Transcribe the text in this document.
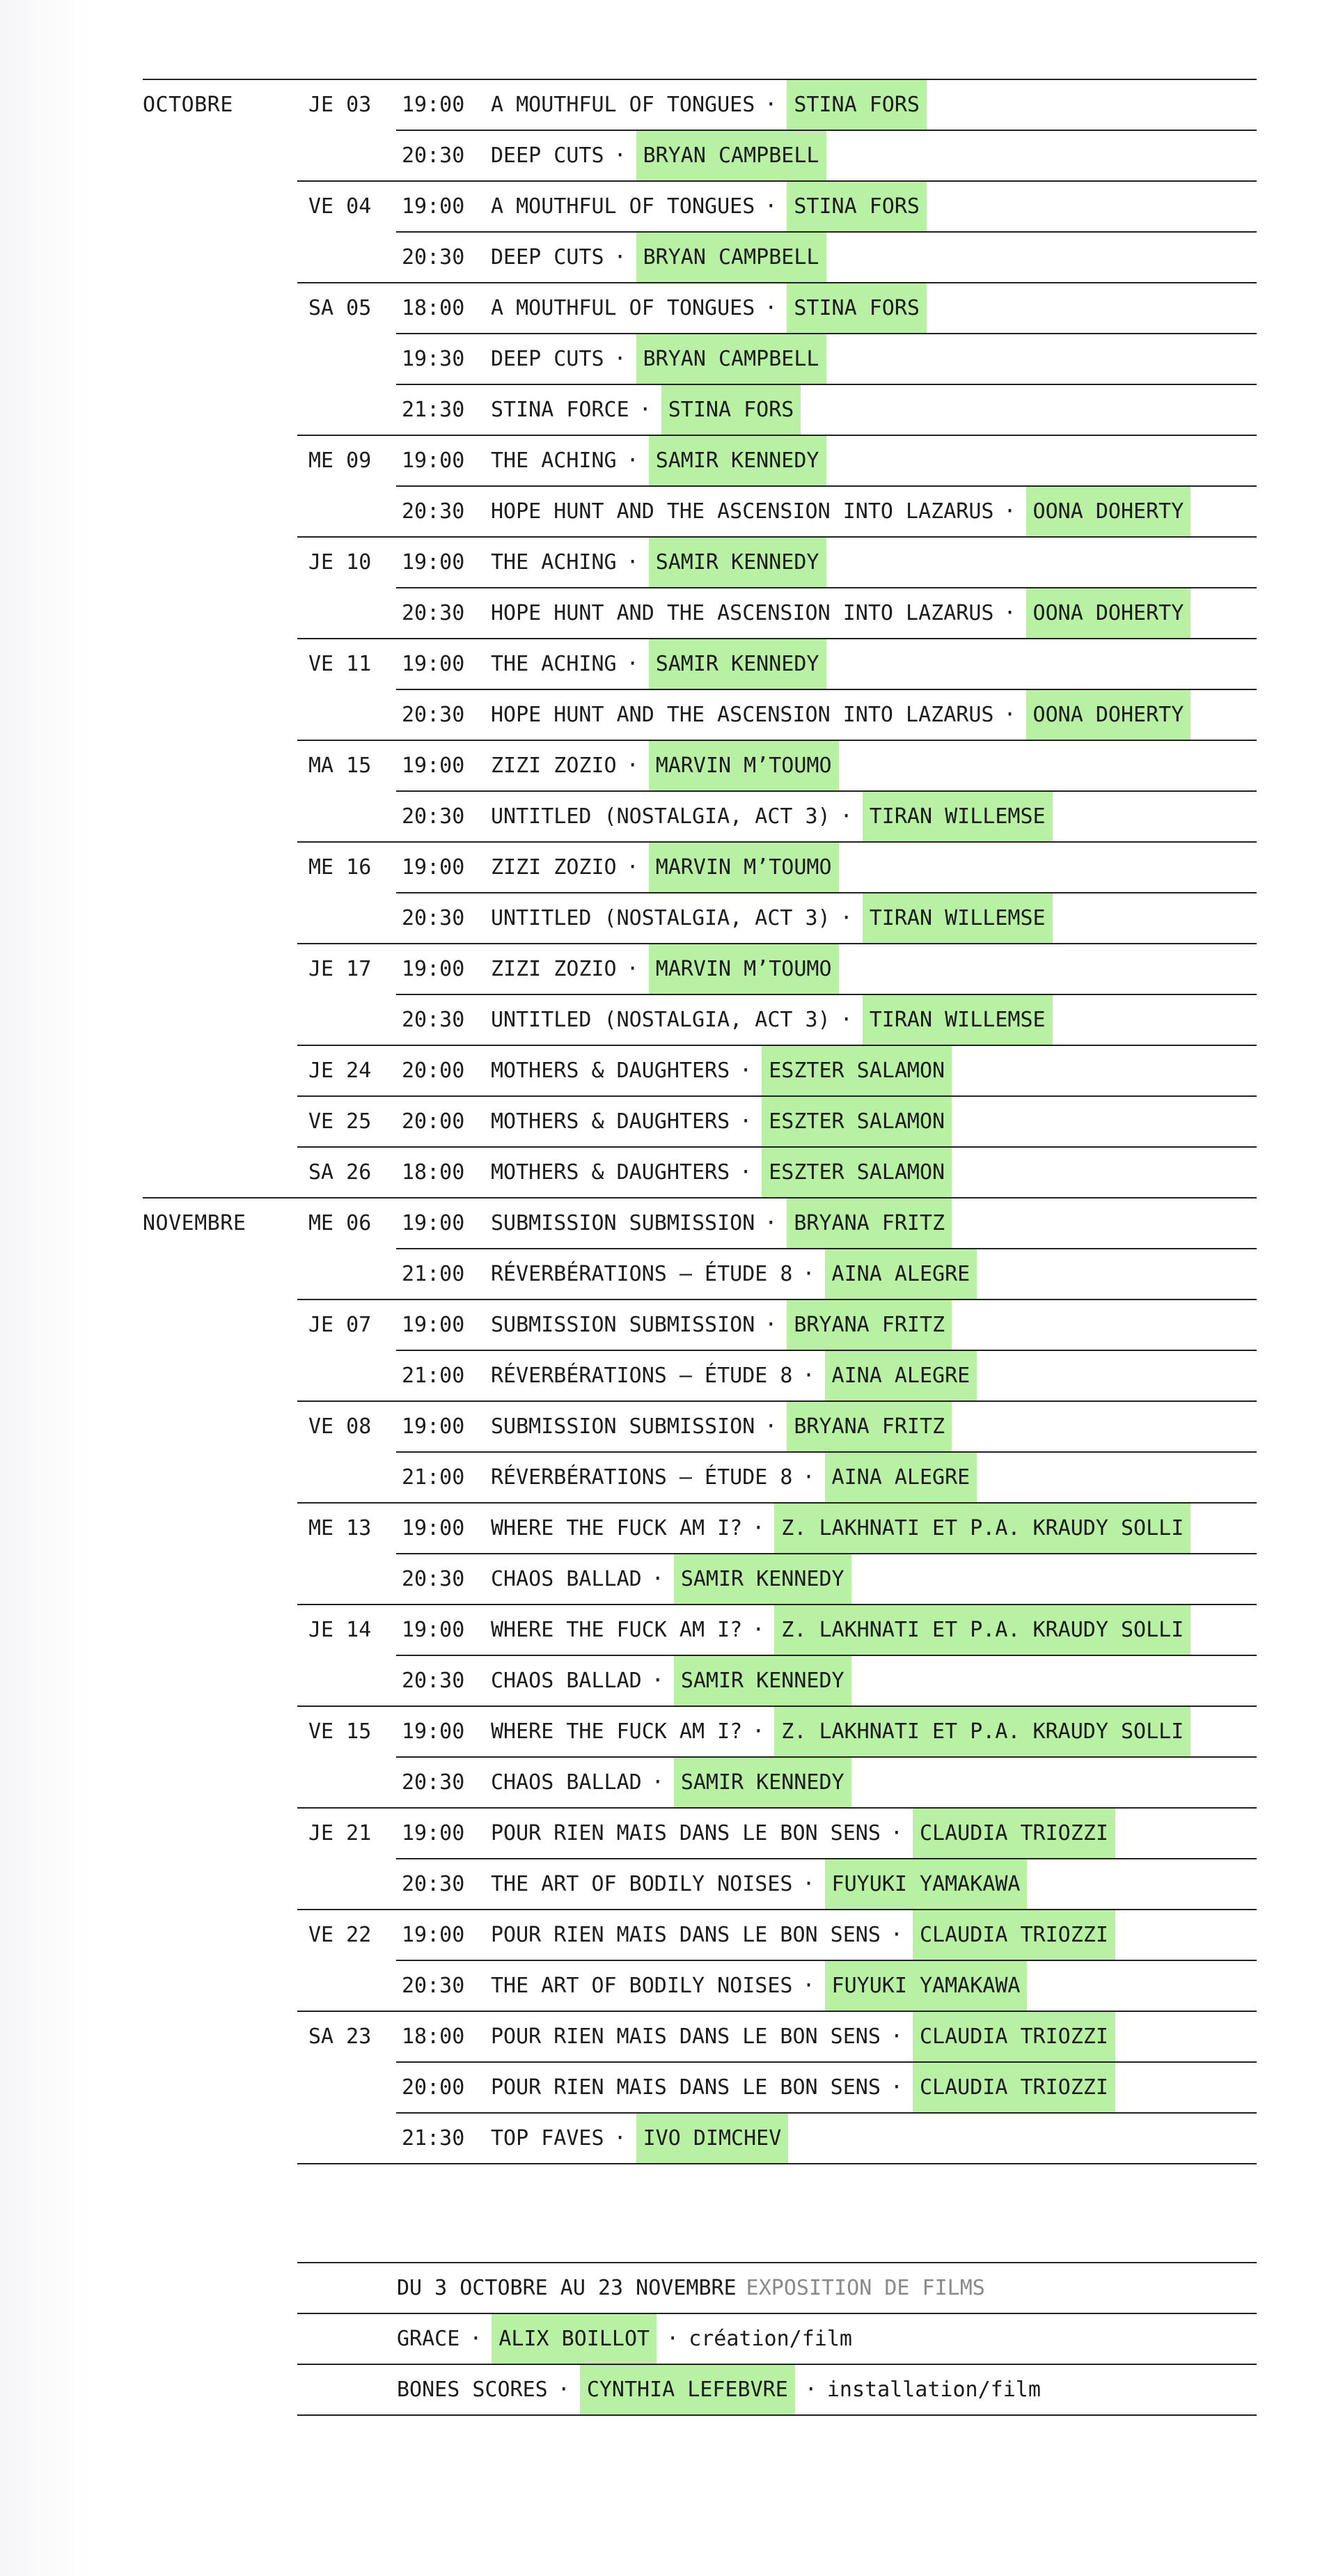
OCTOBRE	JE 03	19:00	A MOUTHFUL OF TONGUES · STINA FORS
20:30	DEEP CUTS · BRYAN CAMPBELL
VE 04	19:00	A MOUTHFUL OF TONGUES · STINA FORS
20:30	DEEP CUTS · BRYAN CAMPBELL
SA 05	18:00	A MOUTHFUL OF TONGUES · STINA FORS
19:30	DEEP CUTS · BRYAN CAMPBELL
21:30	STINA FORCE · STINA FORS
ME 09	19:00	THE ACHING · SAMIR KENNEDY
20:30	HOPE HUNT AND THE ASCENSION INTO LAZARUS · OONA DOHERTY
JE 10	19:00	THE ACHING · SAMIR KENNEDY
20:30	HOPE HUNT AND THE ASCENSION INTO LAZARUS · OONA DOHERTY
VE 11	19:00	THE ACHING · SAMIR KENNEDY
20:30	HOPE HUNT AND THE ASCENSION INTO LAZARUS · OONA DOHERTY
MA 15	19:00	ZIZI ZOZIO · MARVIN M’TOUMO
20:30	UNTITLED (NOSTALGIA, ACT 3) · TIRAN WILLEMSE
ME 16	19:00	ZIZI ZOZIO · MARVIN M’TOUMO
20:30	UNTITLED (NOSTALGIA, ACT 3) · TIRAN WILLEMSE
JE 17	19:00	ZIZI ZOZIO · MARVIN M’TOUMO
20:30	UNTITLED (NOSTALGIA, ACT 3) · TIRAN WILLEMSE
JE 24	20:00	MOTHERS & DAUGHTERS · ESZTER SALAMON
VE 25	20:00	MOTHERS & DAUGHTERS · ESZTER SALAMON
SA 26	18:00	MOTHERS & DAUGHTERS · ESZTER SALAMON
NOVEMBRE	ME 06	19:00	SUBMISSION SUBMISSION · BRYANA FRITZ
21:00	RÉVERBÉRATIONS — ÉTUDE 8 · AINA ALEGRE
JE 07	19:00	SUBMISSION SUBMISSION · BRYANA FRITZ
21:00	RÉVERBÉRATIONS — ÉTUDE 8 · AINA ALEGRE
VE 08	19:00	SUBMISSION SUBMISSION · BRYANA FRITZ
21:00	RÉVERBÉRATIONS — ÉTUDE 8 · AINA ALEGRE
ME 13	19:00	WHERE THE FUCK AM I? · Z. LAKHNATI ET P.A. KRAUDY SOLLI
20:30	CHAOS BALLAD · SAMIR KENNEDY
JE 14	19:00	WHERE THE FUCK AM I? · Z. LAKHNATI ET P.A. KRAUDY SOLLI
20:30	CHAOS BALLAD · SAMIR KENNEDY
VE 15	19:00	WHERE THE FUCK AM I? · Z. LAKHNATI ET P.A. KRAUDY SOLLI
20:30	CHAOS BALLAD · SAMIR KENNEDY
JE 21	19:00	POUR RIEN MAIS DANS LE BON SENS · CLAUDIA TRIOZZI
20:30	THE ART OF BODILY NOISES · FUYUKI YAMAKAWA
VE 22	19:00	POUR RIEN MAIS DANS LE BON SENS · CLAUDIA TRIOZZI
20:30	THE ART OF BODILY NOISES · FUYUKI YAMAKAWA
SA 23	18:00	POUR RIEN MAIS DANS LE BON SENS · CLAUDIA TRIOZZI
20:00	POUR RIEN MAIS DANS LE BON SENS · CLAUDIA TRIOZZI
21:30	TOP FAVES · IVO DIMCHEV
DU 3 OCTOBRE AU 23 NOVEMBRE EXPOSITION DE FILMS
GRACE · ALIX BOILLOT · création/film
BONES SCORES · CYNTHIA LEFEBVRE · installation/film
